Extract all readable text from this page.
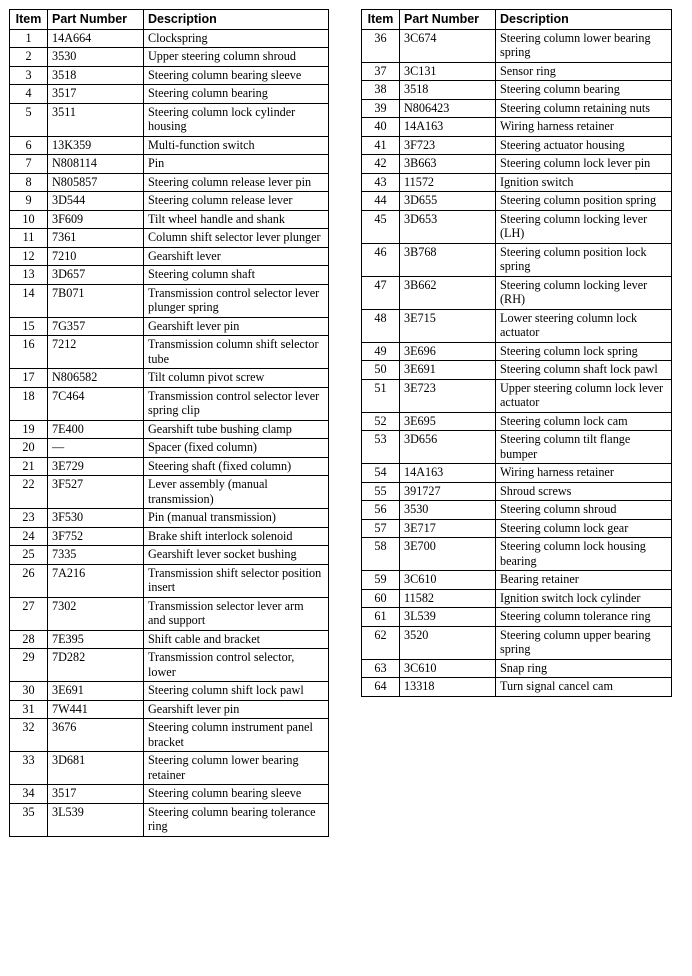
Item	Part Number	Description
1	14A664	Clockspring
2	3530	Upper steering column shroud
3	3518	Steering column bearing sleeve
4	3517	Steering column bearing
5	3511	Steering column lock cylinder housing
6	13K359	Multi-function switch
7	N808114	Pin
8	N805857	Steering column release lever pin
9	3D544	Steering column release lever
10	3F609	Tilt wheel handle and shank
11	7361	Column shift selector lever plunger
12	7210	Gearshift lever
13	3D657	Steering column shaft
14	7B071	Transmission control selector lever plunger spring
15	7G357	Gearshift lever pin
16	7212	Transmission column shift selector tube
17	N806582	Tilt column pivot screw
18	7C464	Transmission control selector lever spring clip
19	7E400	Gearshift tube bushing clamp
20	—	Spacer (fixed column)
21	3E729	Steering shaft (fixed column)
22	3F527	Lever assembly (manual transmission)
23	3F530	Pin (manual transmission)
24	3F752	Brake shift interlock solenoid
25	7335	Gearshift lever socket bushing
26	7A216	Transmission shift selector position insert
27	7302	Transmission selector lever arm and support
28	7E395	Shift cable and bracket
29	7D282	Transmission control selector, lower
30	3E691	Steering column shift lock pawl
31	7W441	Gearshift lever pin
32	3676	Steering column instrument panel bracket
33	3D681	Steering column lower bearing retainer
34	3517	Steering column bearing sleeve
35	3L539	Steering column bearing tolerance ring
Item	Part Number	Description
36	3C674	Steering column lower bearing spring
37	3C131	Sensor ring
38	3518	Steering column bearing
39	N806423	Steering column retaining nuts
40	14A163	Wiring harness retainer
41	3F723	Steering actuator housing
42	3B663	Steering column lock lever pin
43	11572	Ignition switch
44	3D655	Steering column position spring
45	3D653	Steering column locking lever (LH)
46	3B768	Steering column position lock spring
47	3B662	Steering column locking lever (RH)
48	3E715	Lower steering column lock actuator
49	3E696	Steering column lock spring
50	3E691	Steering column shaft lock pawl
51	3E723	Upper steering column lock lever actuator
52	3E695	Steering column lock cam
53	3D656	Steering column tilt flange bumper
54	14A163	Wiring harness retainer
55	391727	Shroud screws
56	3530	Steering column shroud
57	3E717	Steering column lock gear
58	3E700	Steering column lock housing bearing
59	3C610	Bearing retainer
60	11582	Ignition switch lock cylinder
61	3L539	Steering column tolerance ring
62	3520	Steering column upper bearing spring
63	3C610	Snap ring
64	13318	Turn signal cancel cam
